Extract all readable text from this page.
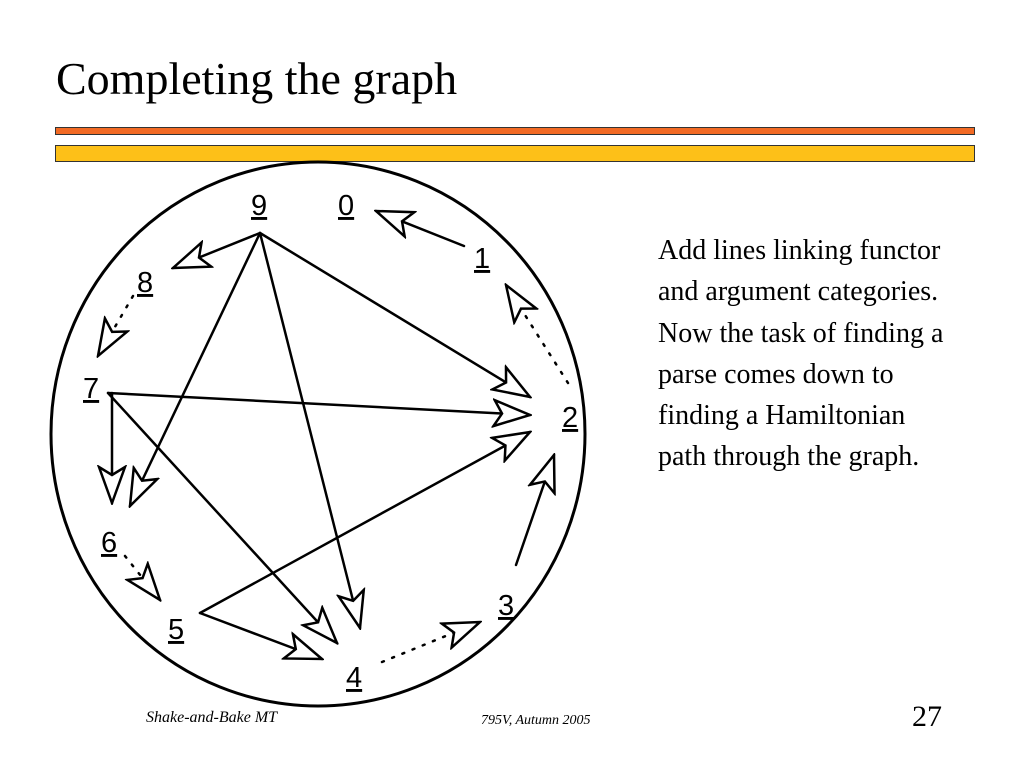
Completing the graph
0
1
2
3
4
5
6
7
8
9

Add lines linking functor and argument categories. Now the task of finding a parse comes down to finding a Hamiltonian path through the graph.

Shake-and-Bake MT	795V, Autumn 2005	27
